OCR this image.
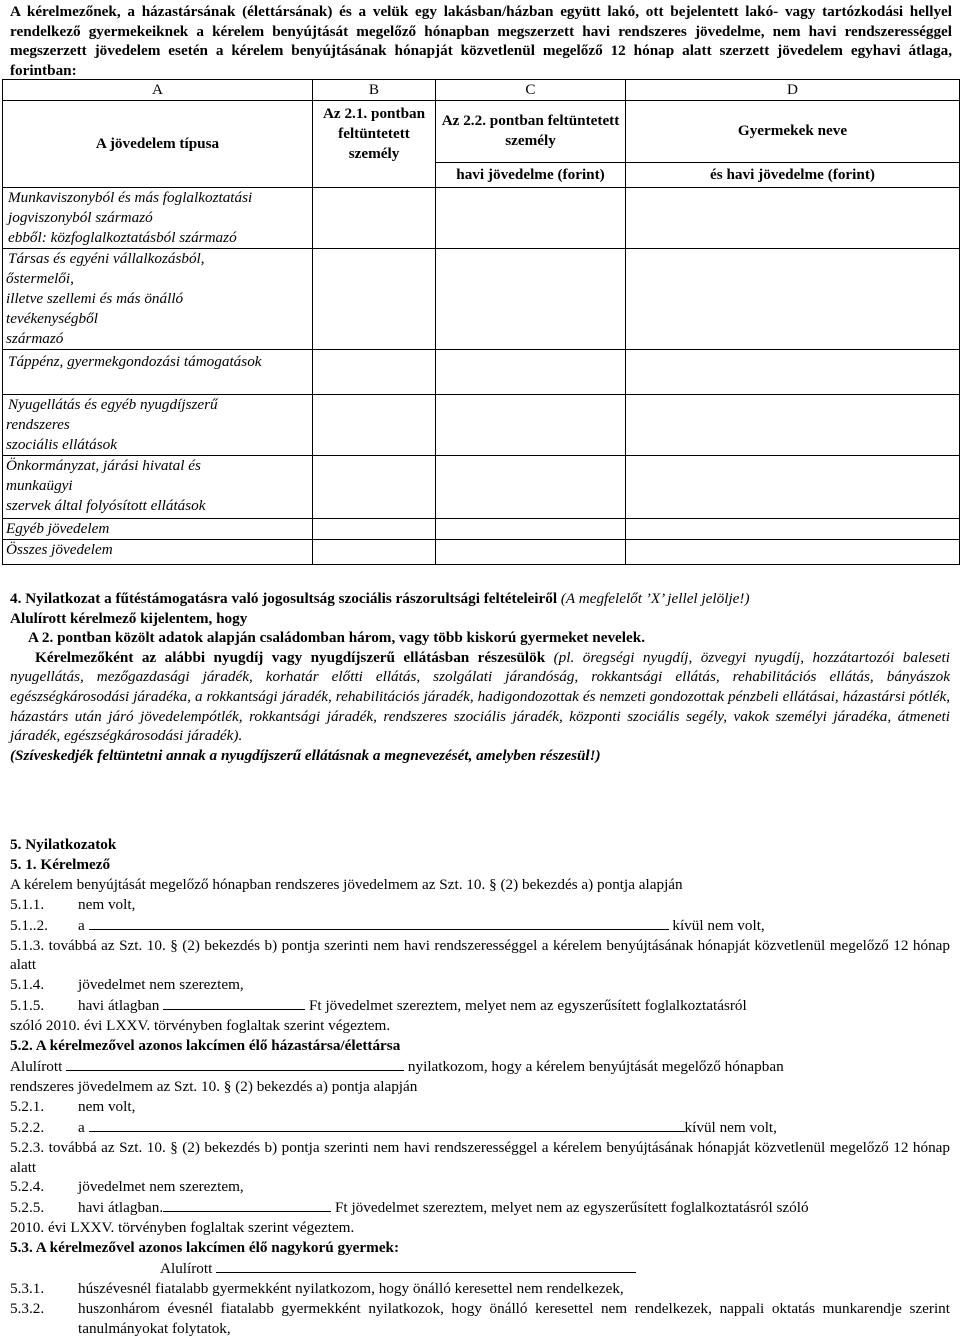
A kérelmezőnek, a házastársának (élettársának) és a velük egy lakásban/házban együtt lakó, ott bejelentett lakó- vagy tartózkodási hellyel rendelkező gyermekeiknek a kérelem benyújtását megelőző hónapban megszerzett havi rendszeres jövedelme, nem havi rendszerességgel megszerzett jövedelem esetén a kérelem benyújtásának hónapját közvetlenül megelőző 12 hónap alatt szerzett jövedelem egyhavi átlaga, forintban:
A	B	C	D
A jövedelem típusa	Az 2.1. pontban feltüntetett személy	Az 2.2. pontban feltüntetett személy	Gyermekek neve
		havi jövedelme (forint)	és havi jövedelme (forint)

Munkaviszonyból és más foglalkoztatási
jogviszonyból származó
ebből: közfoglalkoztatásból származó			

Társas és egyéni vállalkozásból,
őstermelői,
illetve szellemi és más önálló
tevékenységből
származó			

Táppénz, gyermekgondozási támogatások			

Nyugellátás és egyéb nyugdíjszerű
rendszeres
szociális ellátások			

Önkormányzat, járási hivatal és
munkaügyi
szervek által folyósított ellátások			

Egyéb jövedelem			
Összes jövedelem			
4. Nyilatkozat a fűtéstámogatásra való jogosultság szociális rászorultsági feltételeiről (A megfelelőt ’X’ jellel jelölje!)
Alulírott kérelmező kijelentem, hogy
A 2. pontban közölt adatok alapján családomban három, vagy több kiskorú gyermeket nevelek.
Kérelmezőként az alábbi nyugdíj vagy nyugdíjszerű ellátásban részesülök (pl. öregségi nyugdíj, özvegyi nyugdíj, hozzátartozói baleseti nyugellátás, mezőgazdasági járadék, korhatár előtti ellátás, szolgálati járandóság, rokkantsági ellátás, rehabilitációs ellátás, bányászok egészségkárosodási járadéka, a rokkantsági járadék, rehabilitációs járadék, hadigondozottak és nemzeti gondozottak pénzbeli ellátásai, házastársi pótlék, házastárs után járó jövedelempótlék, rokkantsági járadék, rendszeres szociális járadék, központi szociális segély, vakok személyi járadéka, átmeneti járadék, egészségkárosodási járadék).
(Szíveskedjék feltüntetni annak a nyugdíjszerű ellátásnak a megnevezését, amelyben részesül!)
5. Nyilatkozatok
5. 1. Kérelmező
A kérelem benyújtását megelőző hónapban rendszeres jövedelmem az Szt. 10. § (2) bekezdés a) pontja alapján
5.1.1.	nem volt,
5.1..2. a	kívül nem volt,
5.1.3. továbbá az Szt. 10. § (2) bekezdés b) pontja szerinti nem havi rendszerességgel a kérelem benyújtásának hónapját közvetlenül megelőző 12 hónap alatt
5.1.4.	jövedelmet nem szereztem,
5.1.5. havi átlagban	Ft jövedelmet szereztem, melyet nem az egyszerűsített foglalkoztatásról
szóló 2010. évi LXXV. törvényben foglaltak szerint végeztem.
5.2. A kérelmezővel azonos lakcímen élő házastársa/élettársa
Alulírott	nyilatkozom, hogy a kérelem benyújtását megelőző hónapban
rendszeres jövedelmem az Szt. 10. § (2) bekezdés a) pontja alapján
5.2.1.	nem volt,
5.2.2. a	kívül nem volt,
5.2.3. továbbá az Szt. 10. § (2) bekezdés b) pontja szerinti nem havi rendszerességgel a kérelem benyújtásának hónapját közvetlenül megelőző 12 hónap alatt
5.2.4.	jövedelmet nem szereztem,
5.2.5. havi átlagban.	Ft jövedelmet szereztem, melyet nem az egyszerűsített foglalkoztatásról szóló
2010. évi LXXV. törvényben foglaltak szerint végeztem.
5.3. A kérelmezővel azonos lakcímen élő nagykorú gyermek:
Alulírott
5.3.1.	húszévesnél fiatalabb gyermekként nyilatkozom, hogy önálló keresettel nem rendelkezek,
5.3.2.	huszonhárom évesnél fiatalabb gyermekként nyilatkozok, hogy önálló keresettel nem rendelkezek, nappali oktatás munkarendje szerint tanulmányokat folytatok,
